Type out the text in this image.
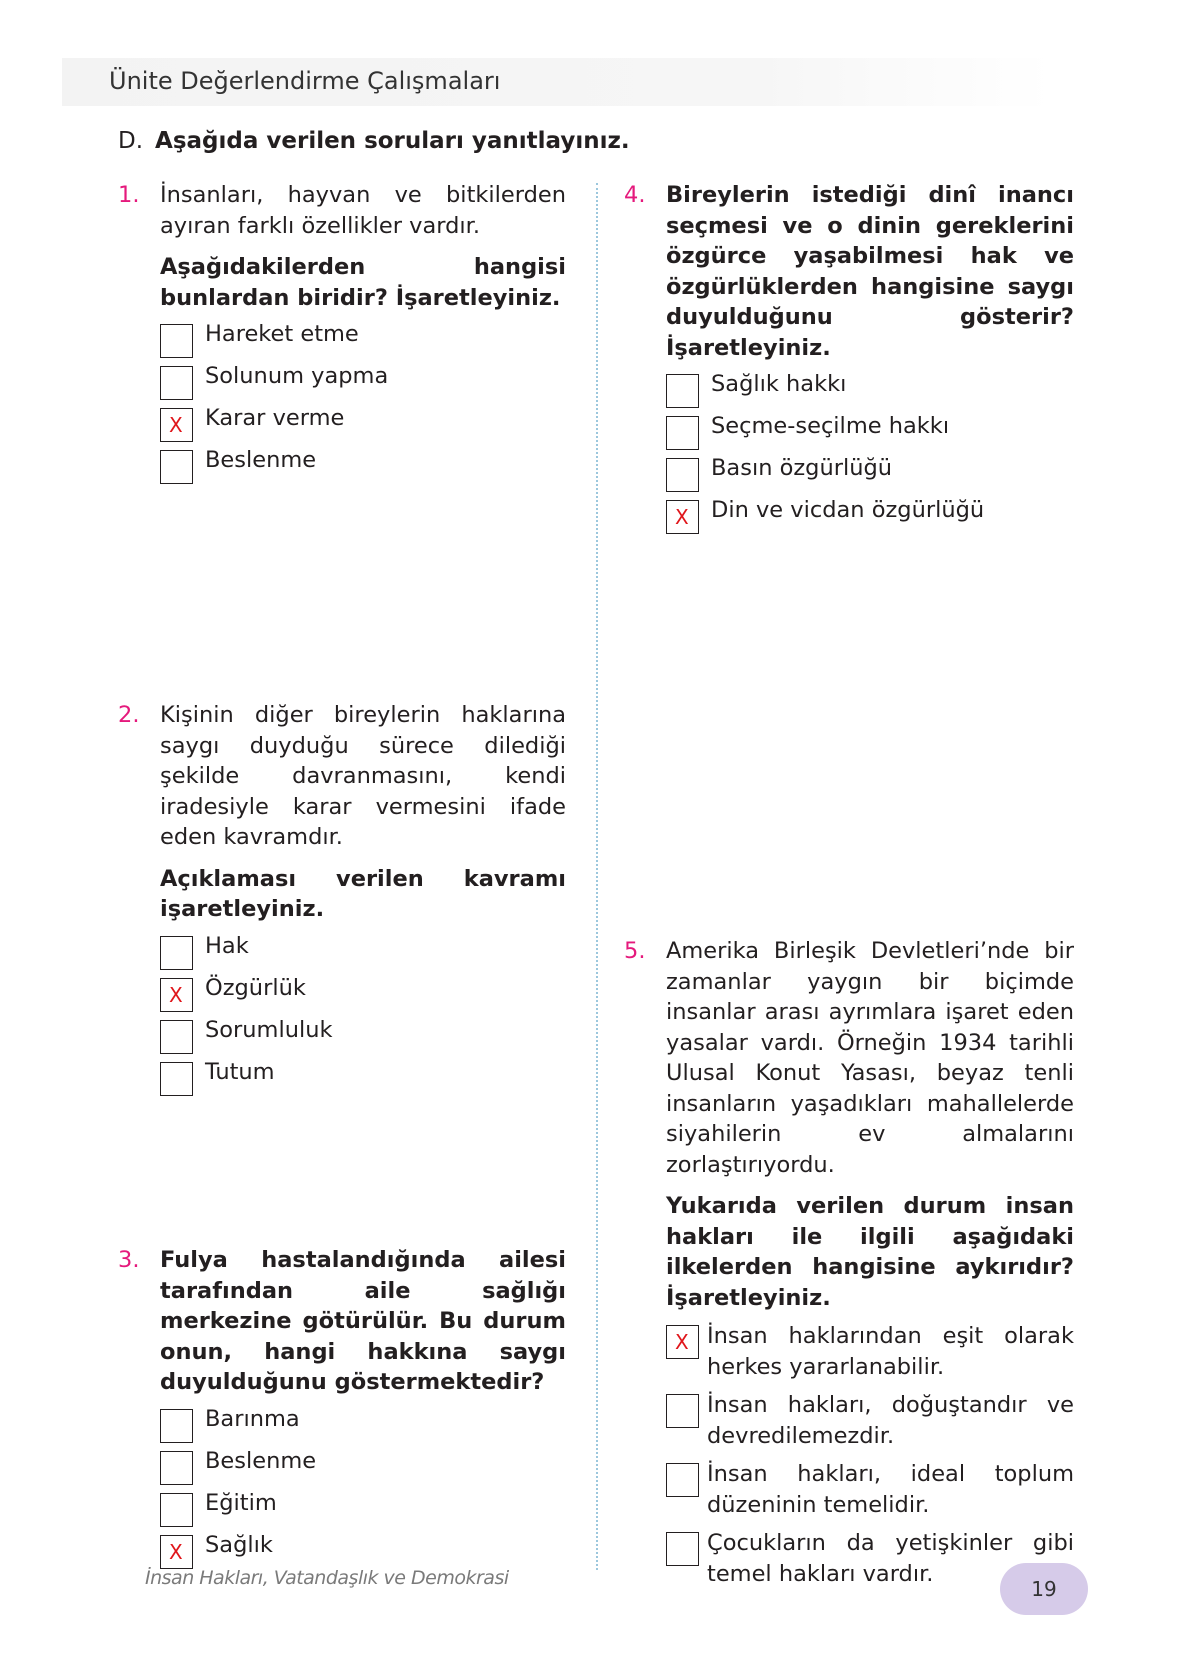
Ünite Değerlendirme Çalışmaları
D. Aşağıda verilen soruları yanıtlayınız.
1. İnsanları, hayvan ve bitkilerden ayıran farklı özellikler vardır.

Aşağıdakilerden hangisi bunlardan biridir? İşaretleyiniz.

Hareket etme
Solunum yapma
X Karar verme
Beslenme
2. Kişinin diğer bireylerin haklarına saygı duyduğu sürece dilediği şekilde davranmasını, kendi iradesiyle karar vermesini ifade eden kavramdır.

Açıklaması verilen kavramı işaretleyiniz.

Hak
X Özgürlük
Sorumluluk
Tutum
3. Fulya hastalandığında ailesi tarafından aile sağlığı merkezine götürülür. Bu durum onun, hangi hakkına saygı duyulduğunu göstermektedir?

Barınma
Beslenme
Eğitim
X Sağlık
4. Bireylerin istediği dinî inancı seçmesi ve o dinin gereklerini özgürce yaşabilmesi hak ve özgürlüklerden hangisine saygı duyulduğunu gösterir? İşaretleyiniz.

Sağlık hakkı
Seçme-seçilme hakkı
Basın özgürlüğü
X Din ve vicdan özgürlüğü
5. Amerika Birleşik Devletleri’nde bir zamanlar yaygın bir biçimde insanlar arası ayrımlara işaret eden yasalar vardı. Örneğin 1934 tarihli Ulusal Konut Yasası, beyaz tenli insanların yaşadıkları mahallelerde siyahilerin ev almalarını zorlaştırıyordu.

Yukarıda verilen durum insan hakları ile ilgili aşağıdaki ilkelerden hangisine aykırıdır? İşaretleyiniz.

X İnsan haklarından eşit olarak herkes yararlanabilir.
İnsan hakları, doğuştandır ve devredilemezdir.
İnsan hakları, ideal toplum düzeninin temelidir.
Çocukların da yetişkinler gibi temel hakları vardır.
İnsan Hakları, Vatandaşlık ve Demokrasi	19
